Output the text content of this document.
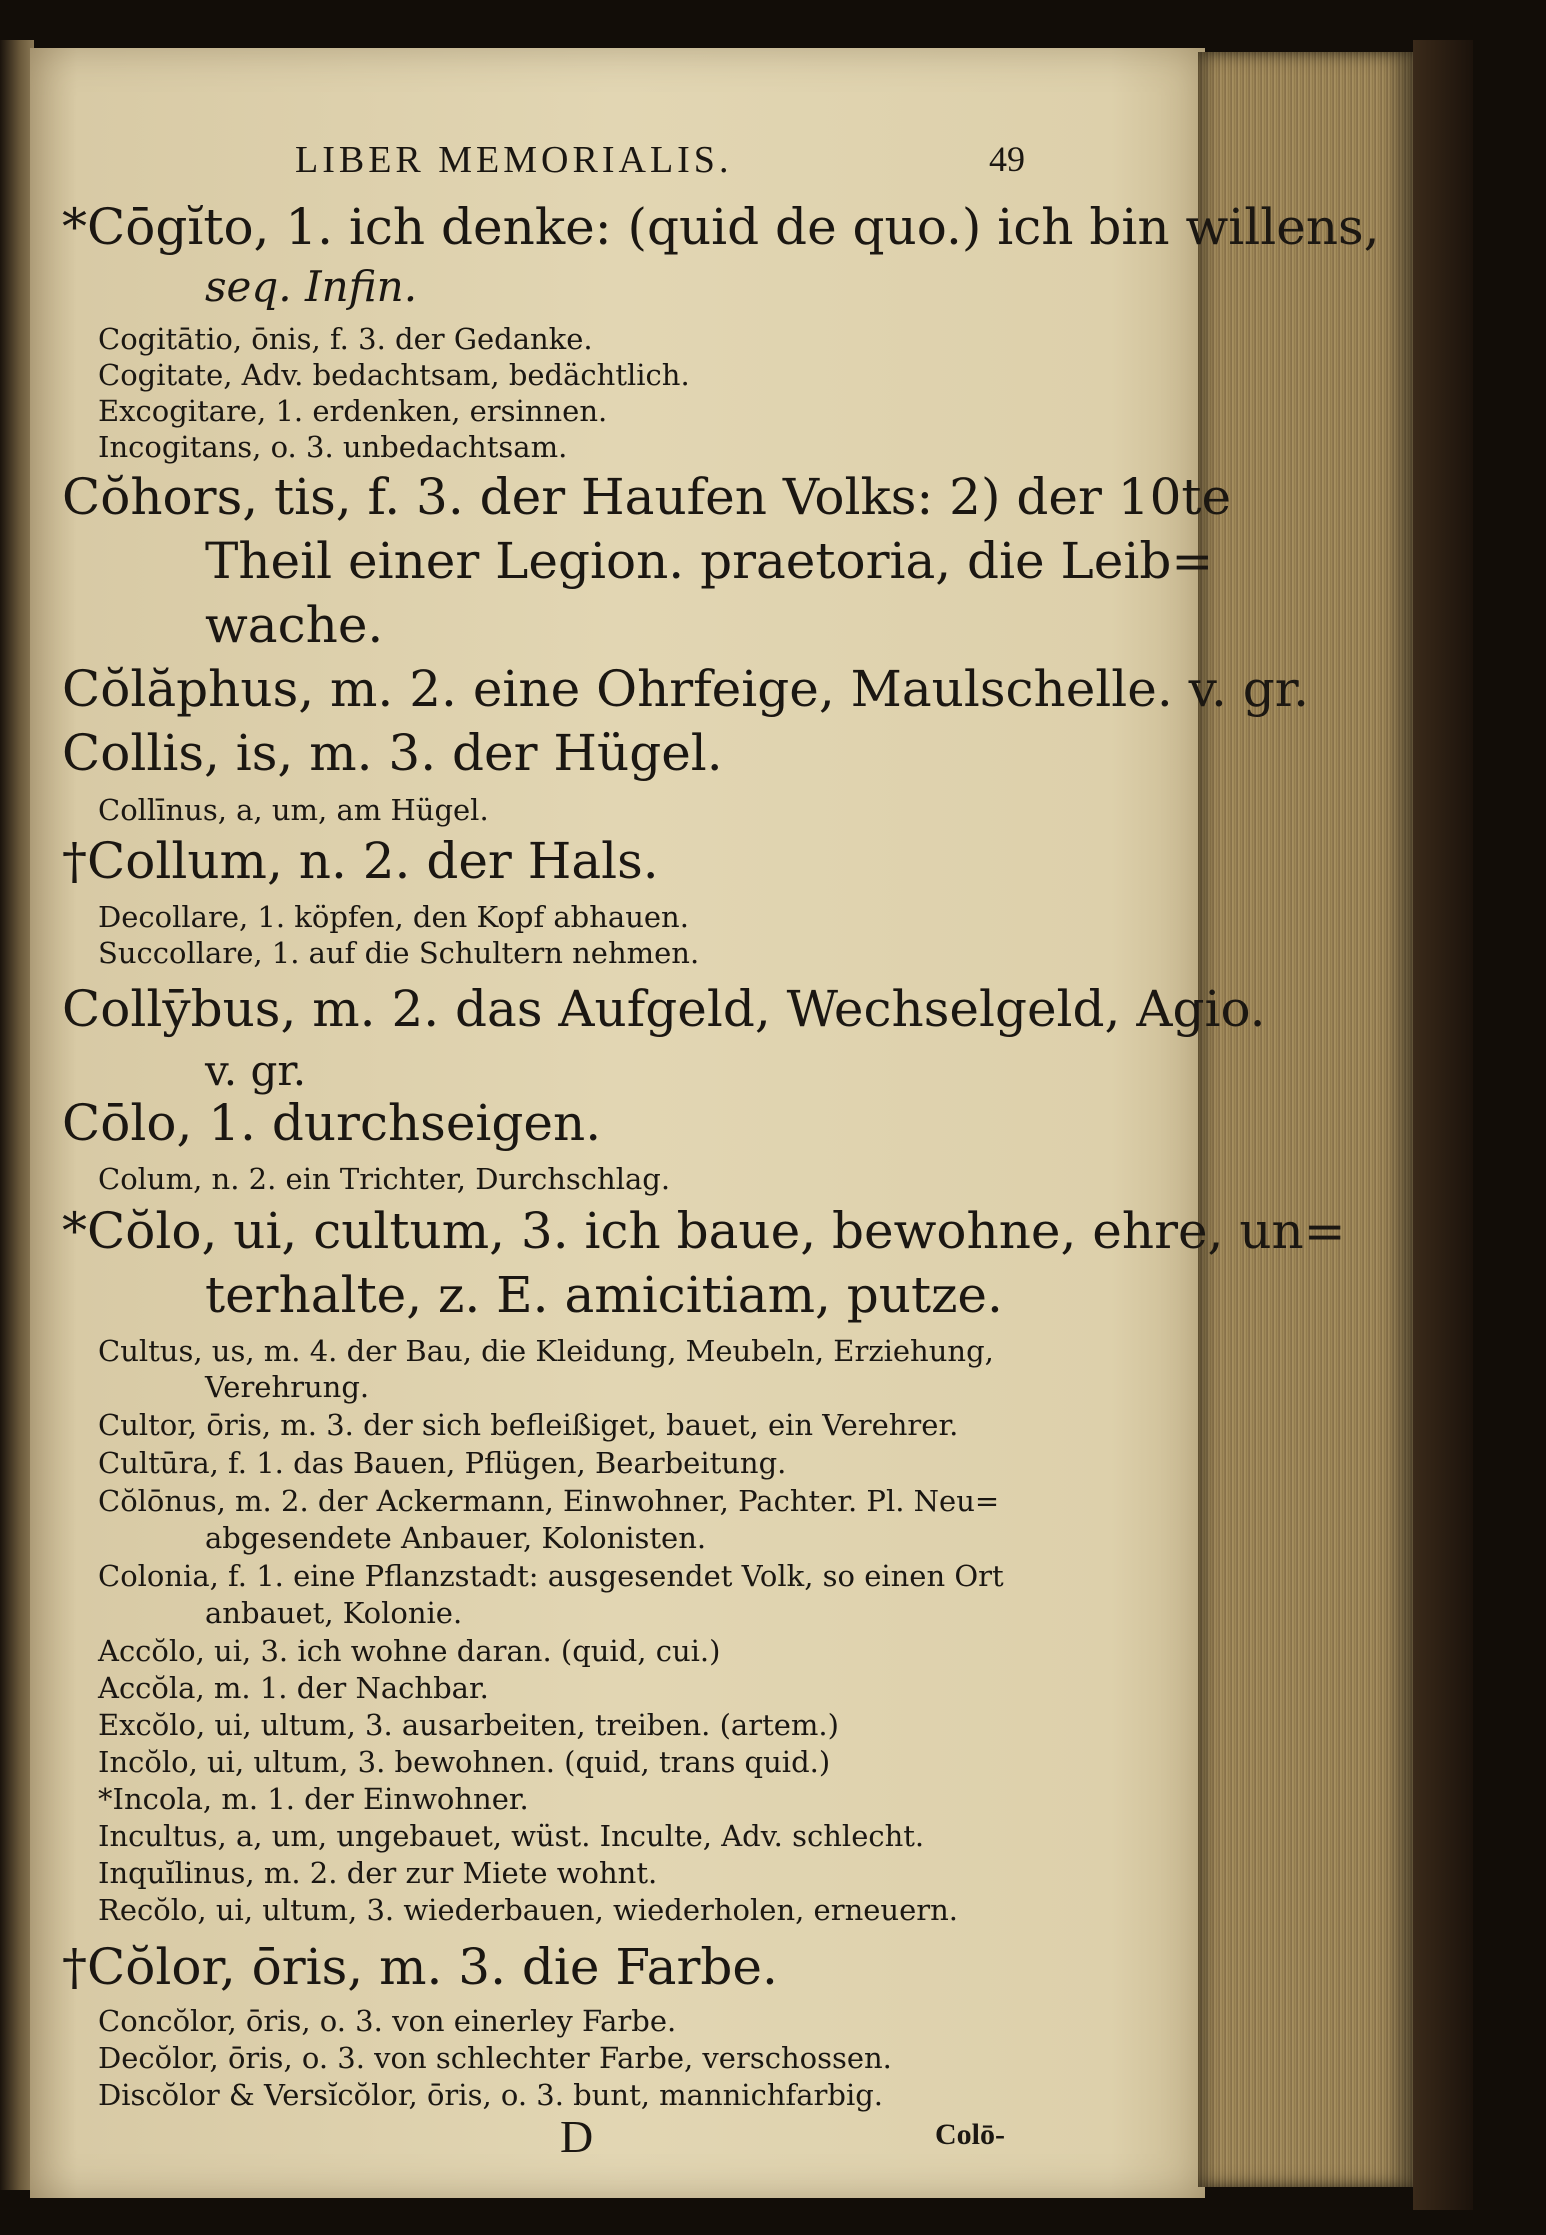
LIBER MEMORIALIS.	49
*Cōgĭto, 1. ich denke: (quid de quo.) ich bin willens,
seq. Infin.
Cogitātio, ōnis, f. 3. der Gedanke.
Cogitate, Adv. bedachtsam, bedächtlich.
Excogitare, 1. erdenken, ersinnen.
Incogitans, o. 3. unbedachtsam.
Cŏhors, tis, f. 3. der Haufen Volks: 2) der 10te
Theil einer Legion. praetoria, die Leib=
wache.
Cŏlăphus, m. 2. eine Ohrfeige, Maulschelle. v. gr.
Collis, is, m. 3. der Hügel.
Collīnus, a, um, am Hügel.
†Collum, n. 2. der Hals.
Decollare, 1. köpfen, den Kopf abhauen.
Succollare, 1. auf die Schultern nehmen.
Collȳbus, m. 2. das Aufgeld, Wechselgeld, Agio.
v. gr.
Cōlo, 1. durchseigen.
Colum, n. 2. ein Trichter, Durchschlag.
*Cŏlo, ui, cultum, 3. ich baue, bewohne, ehre, un=
terhalte, z. E. amicitiam, putze.
Cultus, us, m. 4. der Bau, die Kleidung, Meubeln, Erziehung,
Verehrung.
Cultor, ōris, m. 3. der sich befleißiget, bauet, ein Verehrer.
Cultūra, f. 1. das Bauen, Pflügen, Bearbeitung.
Cŏlōnus, m. 2. der Ackermann, Einwohner, Pachter. Pl. Neu=
abgesendete Anbauer, Kolonisten.
Colonia, f. 1. eine Pflanzstadt: ausgesendet Volk, so einen Ort
anbauet, Kolonie.
Accŏlo, ui, 3. ich wohne daran. (quid, cui.)
Accŏla, m. 1. der Nachbar.
Excŏlo, ui, ultum, 3. ausarbeiten, treiben. (artem.)
Incŏlo, ui, ultum, 3. bewohnen. (quid, trans quid.)
*Incola, m. 1. der Einwohner.
Incultus, a, um, ungebauet, wüst. Inculte, Adv. schlecht.
Inquĭlinus, m. 2. der zur Miete wohnt.
Recŏlo, ui, ultum, 3. wiederbauen, wiederholen, erneuern.
†Cŏlor, ōris, m. 3. die Farbe.
Concŏlor, ōris, o. 3. von einerley Farbe.
Decŏlor, ōris, o. 3. von schlechter Farbe, verschossen.
Discŏlor & Versĭcŏlor, ōris, o. 3. bunt, mannichfarbig.
D	Colō-
